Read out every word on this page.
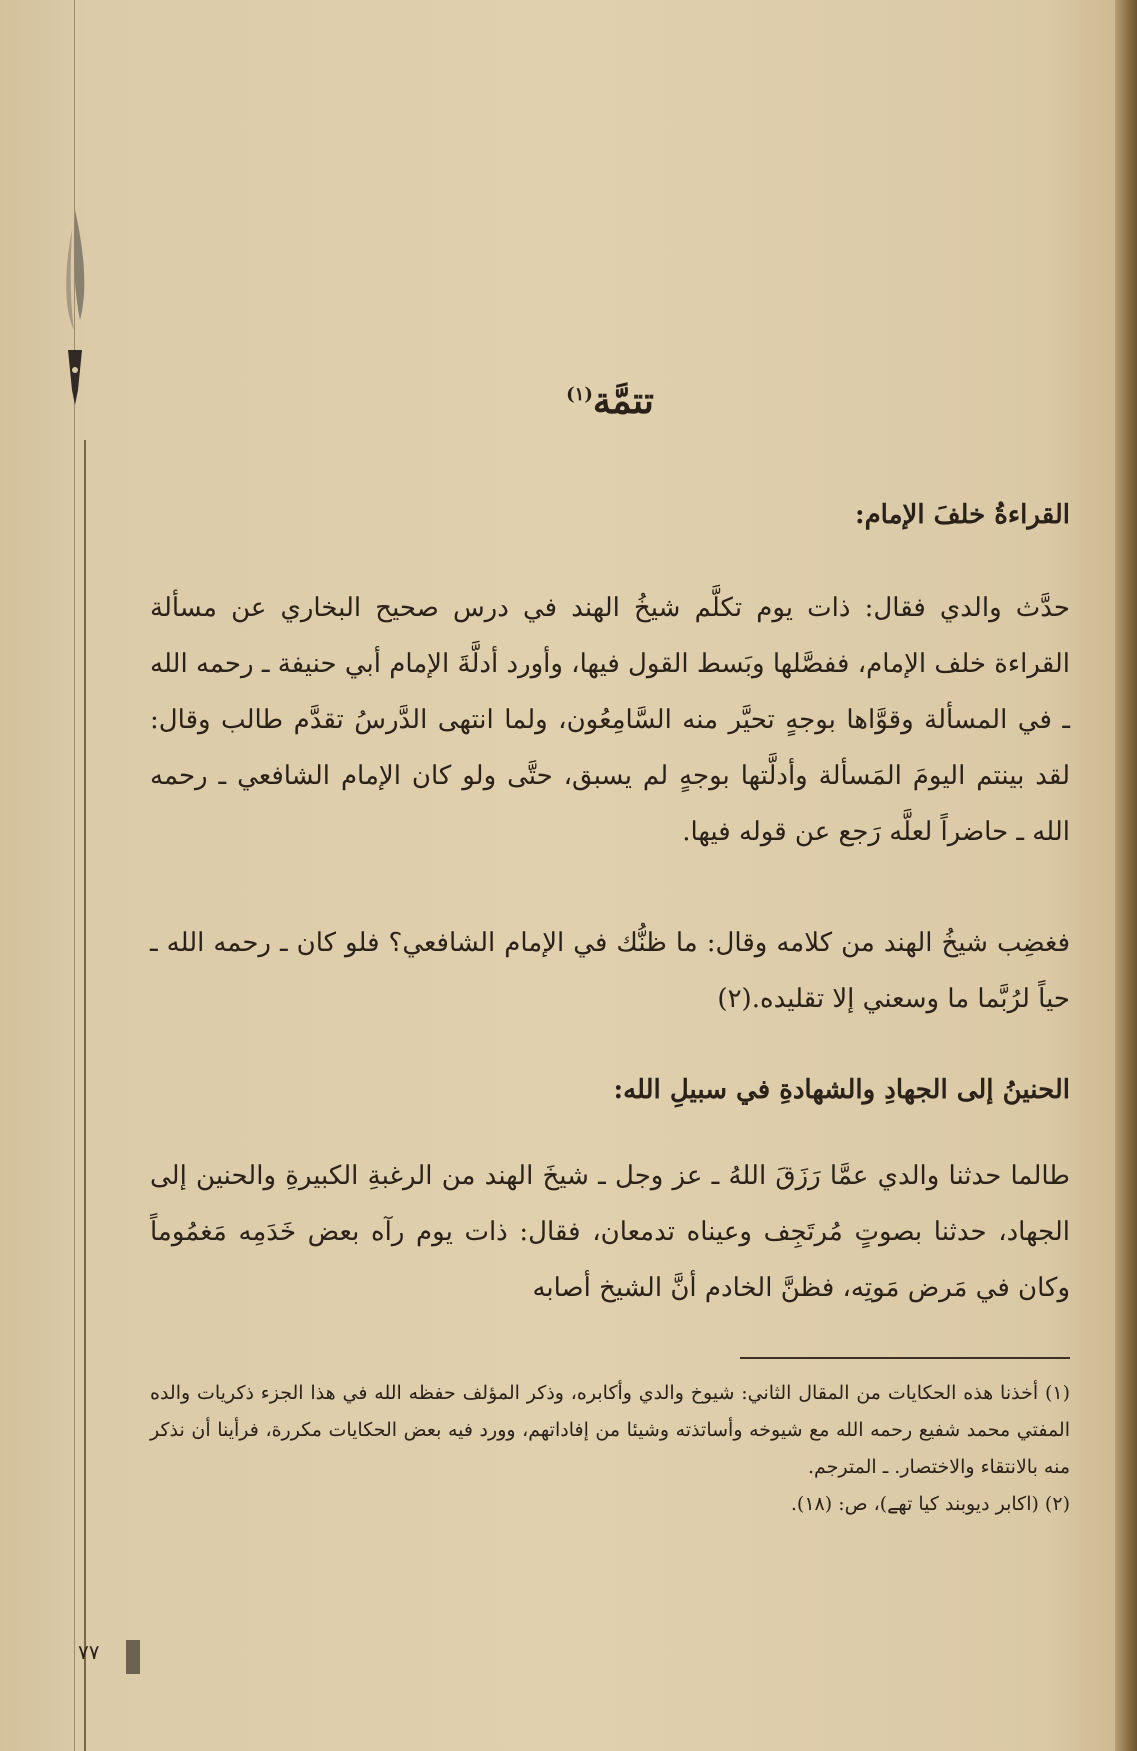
تتمَّة$^{(١)}$
القراءةُ خلفَ الإمام:
حدَّث والدي فقال: ذات يوم تكلَّم شيخُ الهند في درس صحيح البخاري عن مسألة القراءة خلف الإمام، ففصَّلها وبَسط القول فيها، وأورد أدلَّةَ الإمام أبي حنيفة ـ رحمه الله ـ في المسألة وقوَّاها بوجهٍ تحيَّر منه السَّامِعُون، ولما انتهى الدَّرسُ تقدَّم طالب وقال: لقد بينتم اليومَ المَسألة وأدلَّتها بوجهٍ لم يسبق، حتَّى ولو كان الإمام الشافعي ـ رحمه الله ـ حاضراً لعلَّه رَجع عن قوله فيها.
فغضِب شيخُ الهند من كلامه وقال: ما ظنُّك في الإمام الشافعي؟ فلو كان ـ رحمه الله ـ حياً لرُبَّما ما وسعني إلا تقليده.(٢)
الحنينُ إلى الجهادِ والشهادةِ في سبيلِ الله:
طالما حدثنا والدي عمَّا رَزَقَ اللهُ ـ عز وجل ـ شيخَ الهند من الرغبةِ الكبيرةِ والحنين إلى الجهاد، حدثنا بصوتٍ مُرتَجِف وعيناه تدمعان، فقال: ذات يوم رآه بعض خَدَمِه مَغمُوماً وكان في مَرض مَوتِه، فظنَّ الخادم أنَّ الشيخ أصابه

(١) أخذنا هذه الحكايات من المقال الثاني: شيوخ والدي وأكابره، وذكر المؤلف حفظه الله في هذا الجزء ذكريات والده المفتي محمد شفيع رحمه الله مع شيوخه وأساتذته وشيئا من إفاداتهم، وورد فيه بعض الحكايات مكررة، فرأينا أن نذكر منه بالانتقاء والاختصار. ـ المترجم.

(٢) (اكابر ديوبند كيا تهے)، ص: (١٨).

٧٧
